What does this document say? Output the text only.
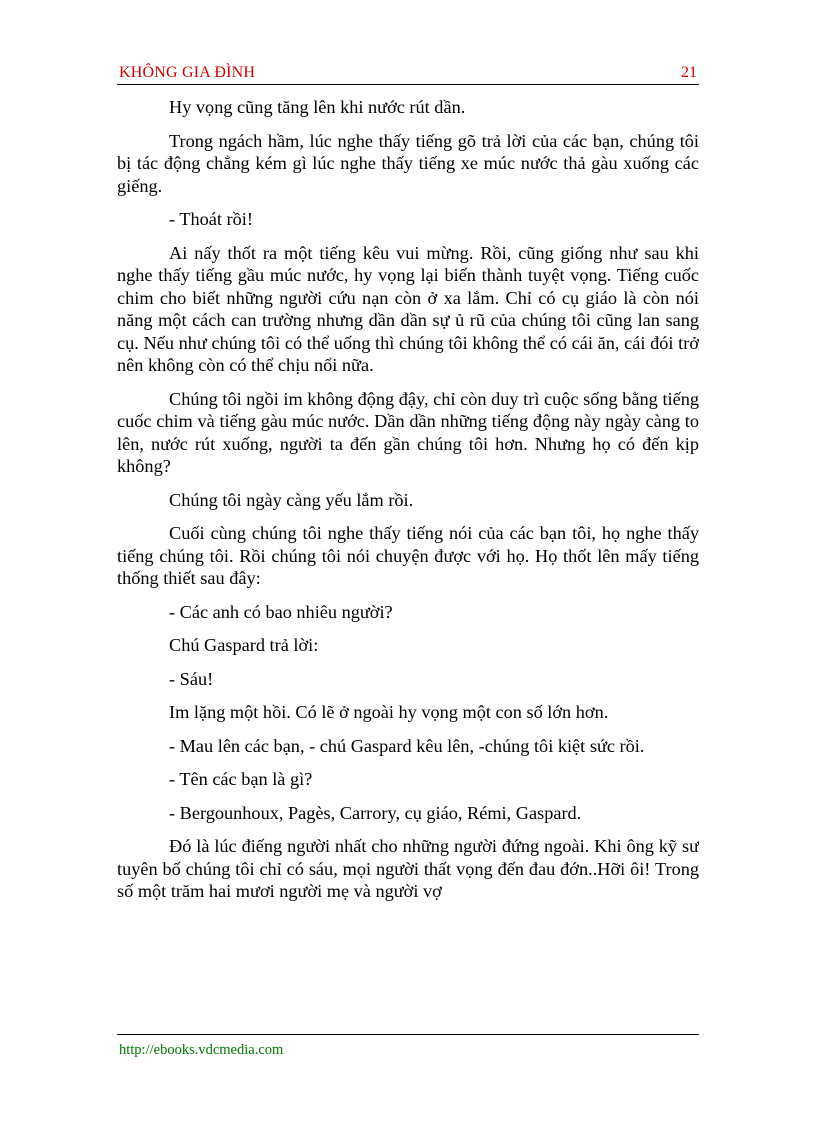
KHÔNG GIA ĐÌNH	21

Hy vọng cũng tăng lên khi nước rút dần.

Trong ngách hầm, lúc nghe thấy tiếng gõ trả lời của các bạn, chúng tôi bị tác động chẳng kém gì lúc nghe thấy tiếng xe múc nước thả gàu xuống các giếng.

- Thoát rồi!

Ai nấy thốt ra một tiếng kêu vui mừng. Rồi, cũng giống như sau khi nghe thấy tiếng gầu múc nước, hy vọng lại biến thành tuyệt vọng. Tiếng cuốc chim cho biết những người cứu nạn còn ở xa lắm. Chỉ có cụ giáo là còn nói năng một cách can trường nhưng dần dần sự ủ rũ của chúng tôi cũng lan sang cụ. Nếu như chúng tôi có thể uống thì chúng tôi không thể có cái ăn, cái đói trở nên không còn có thể chịu nổi nữa.

Chúng tôi ngồi im không động đậy, chỉ còn duy trì cuộc sống bằng tiếng cuốc chim và tiếng gàu múc nước. Dần dần những tiếng động này ngày càng to lên, nước rút xuống, người ta đến gần chúng tôi hơn. Nhưng họ có đến kịp không?

Chúng tôi ngày càng yếu lắm rồi.

Cuối cùng chúng tôi nghe thấy tiếng nói của các bạn tôi, họ nghe thấy tiếng chúng tôi. Rồi chúng tôi nói chuyện được với họ. Họ thốt lên mấy tiếng thống thiết sau đây:

- Các anh có bao nhiêu người?

Chú Gaspard trả lời:

- Sáu!

Im lặng một hồi. Có lẽ ở ngoài hy vọng một con số lớn hơn.

- Mau lên các bạn, - chú Gaspard kêu lên, -chúng tôi kiệt sức rồi.

- Tên các bạn là gì?

- Bergounhoux, Pagès, Carrory, cụ giáo, Rémi, Gaspard.

Đó là lúc điếng người nhất cho những người đứng ngoài. Khi ông kỹ sư tuyên bố chúng tôi chỉ có sáu, mọi người thất vọng đến đau đớn..Hỡi ôi! Trong số một trăm hai mươi người mẹ và người vợ

http://ebooks.vdcmedia.com
